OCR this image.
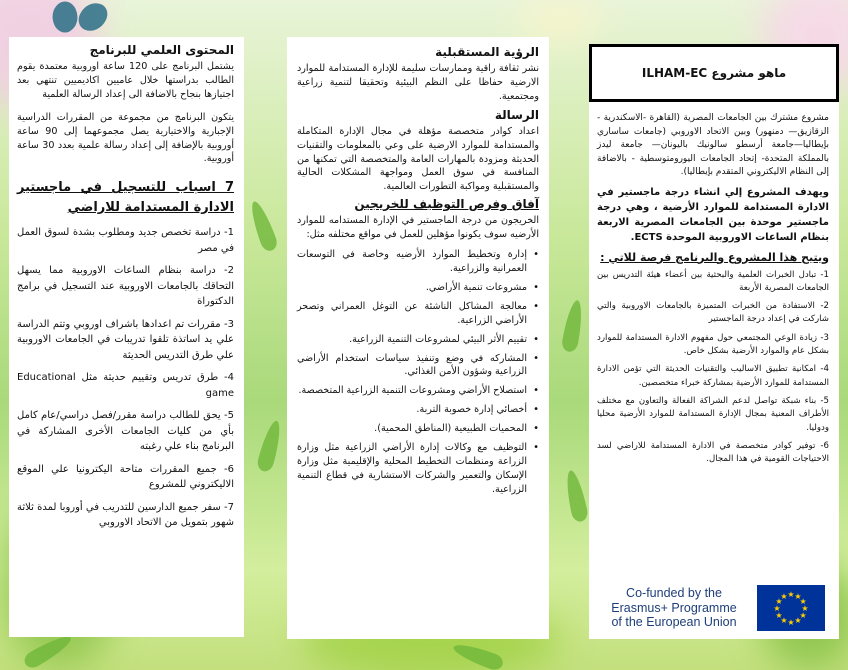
المحتوى العلمي للبرنامج

يشتمل البرنامج على 120 ساعة اوروبية معتمدة يقوم الطالب بدراستها خلال عاميين اكاديميين تنتهي بعد اجتيازها بنجاح بالاضافة الى إعداد الرسالة العلمية

يتكون البرنامج من مجموعة من المقررات الدراسية الإجبارية والاختيارية يصل مجموعهما إلى 90 ساعة أوروبية بالإضافة إلى إعداد رسالة علمية بعدد 30 ساعة أوروبية.

7 اسباب للتسجيل في ماجستير الادارة المستدامة للاراضي

1- دراسة تخصص جديد ومطلوب بشدة لسوق العمل في مصر

2- دراسة بنظام الساعات الاوروبية مما يسهل التحاقك بالجامعات الاوروبية عند التسجيل في برامج الدكتوراة

3- مقررات تم اعدادها باشراف اوروبي وتتم الدراسة علي يد اساتذة تلقوا تدريبات في الجامعات الاوروبية علي طرق التدريس الحديثة

4- طرق تدريس وتقييم حديثة مثل Educational game

5- يحق للطالب دراسة مقرر/فصل دراسي/عام كامل بأي من كليات الجامعات الأخرى المشاركة في البرنامج بناء علي رغبته

6- جميع المقررات متاحة اليكترونيا علي الموقع الاليكتروني للمشروع

7- سفر جميع الدارسين للتدريب في أوروبا لمدة ثلاثة شهور بتمويل من الاتحاد الاوروبي

الرؤية المستقبلية

نشر ثقافة راقية وممارسات سليمة للإدارة المستدامة للموارد الارضية حفاظا على النظم البيئية وتحقيقا لتنمية زراعية ومجتمعية.

الرسالة

اعداد كوادر متخصصة مؤهلة في مجال الإدارة المتكاملة والمستدامة للموارد الارضية على وعي بالمعلومات والتقنيات الحديثة ومزودة بالمهارات العامة والمتخصصة التي تمكنها من المنافسة في سوق العمل ومواجهة المشكلات الحالية والمستقبلية ومواكبة التطورات العالمية.

آفاق وفرص التوظيف للخريجين

الخريجون من درجة الماجستير في الإدارة المستدامه للموارد الأرضيه سوف يكونوا مؤهلين للعمل في مواقع مختلفه مثل:

• إدارة وتخطيط الموارد الأرضيه وخاصة في التوسعات العمرانية والزراعية.
• مشروعات تنمية الأراضي.
• معالجة المشاكل الناشئة عن التوغل العمراني وتصحر الأراضي الزراعية.
• تقييم الأثر البيئي لمشروعات التنمية الزراعية.
• المشاركه في وضع وتنفيذ سياسات استخدام الأراضي الزراعية وشؤون الأمن الغذائي.
• استصلاح الأراضي ومشروعات التنمية الزراعية المتخصصة.
• أخصائي إدارة خصوبة التربة.
• المحميات الطبيعية (المناطق المحمية).
• التوظيف مع وكالات إدارة الأراضي الزراعية مثل وزارة الزراعة ومنظمات التخطيط المحلية والإقليمية مثل وزارة الإسكان والتعمير والشركات الاستشارية في قطاع التنمية الزراعية.
ماهو مشروع ILHAM-EC

مشروع مشترك بين الجامعات المصرية (القاهرة -الاسكندرية - الزقازيق— دمنهور) وبين الاتحاد الاوروبي (جامعات ساساري بإيطاليا—جامعة أرسطو سالونيك باليونان— جامعة ليدز بالمملكة المتحدة- إتحاد الجامعات اليورومتوسطية - بالاضافة إلى النظام الاليكتروني المتقدم بإيطاليا).

ويهدف المشروع إلي انشاء درجة ماجستير في الادارة المستدامة للموارد الأرضية ، وهي درجة ماجستير موحدة بين الجامعات المصرية الاربعة بنظام الساعات الاوروبية الموحدة ECTS.

ويتيح هذا المشروع والبرنامج فرصة للاتي :

1- تبادل الخبرات العلمية والبحثية بين أعضاء هيئة التدريس بين الجامعات المصرية الأربعة

2- الاستفادة من الخبرات المتميزة بالجامعات الاوروبية والتي شاركت في إعداد درجة الماجستير

3- زيادة الوعي المجتمعي حول مفهوم الادارة المستدامة للموارد بشكل عام والموارد الأرضية بشكل خاص.

4- امكانية تطبيق الاساليب والتقنيات الحديثة التي تؤمن الادارة المستدامة للموارد الأرضية بمشاركة خبراء متخصصين.

5- بناء شبكة تواصل لدعم الشراكة الفعالة والتعاون مع مختلف الأطراف المعنية بمجال الإدارة المستدامة للموارد الأرضية محليا ودوليا.

6- توفير كوادر متخصصة في الادارة المستدامة للاراضي لسد الاحتياجات القومية في هذا المجال.

Co-funded by the
Erasmus+ Programme
of the European Union
★ ★
★
★
★
★
★
★
★
★
★
★
